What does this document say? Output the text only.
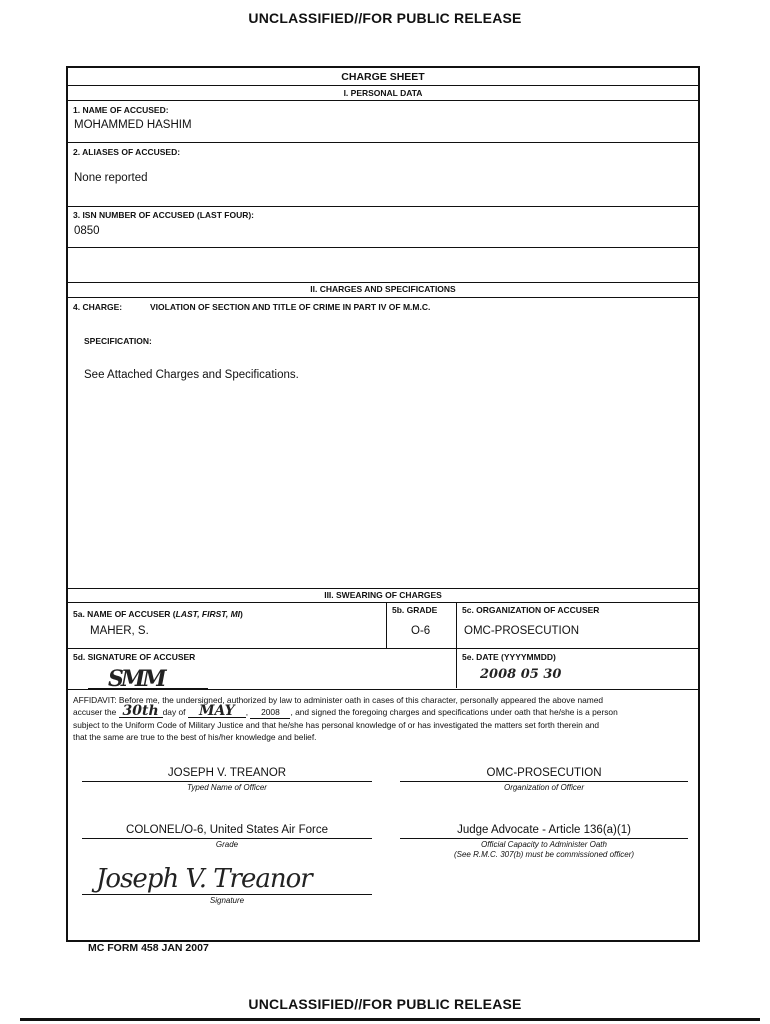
UNCLASSIFIED//FOR PUBLIC RELEASE
CHARGE SHEET
I. PERSONAL DATA
1. NAME OF ACCUSED:
MOHAMMED HASHIM
2. ALIASES OF ACCUSED:
None reported
3. ISN NUMBER OF ACCUSED (LAST FOUR):
0850
II. CHARGES AND SPECIFICATIONS
4. CHARGE:	VIOLATION OF SECTION AND TITLE OF CRIME IN PART IV OF M.M.C.
SPECIFICATION:
See Attached Charges and Specifications.
III. SWEARING OF CHARGES
5a. NAME OF ACCUSER (LAST, FIRST, MI)
MAHER, S.
5b. GRADE
O-6
5c. ORGANIZATION OF ACCUSER
OMC-PROSECUTION
5d. SIGNATURE OF ACCUSER
SMM
5e. DATE (YYYYMMDD)
2008 05 30
AFFIDAVIT: Before me, the undersigned, authorized by law to administer oath in cases of this character, personally appeared the above named
accuser the 30th day of MAY , 2008 , and signed the foregoing charges and specifications under oath that he/she is a person
subject to the Uniform Code of Military Justice and that he/she has personal knowledge of or has investigated the matters set forth therein and
that the same are true to the best of his/her knowledge and belief.
JOSEPH V. TREANOR
Typed Name of Officer
OMC-PROSECUTION
Organization of Officer
COLONEL/O-6, United States Air Force
Grade
Judge Advocate - Article 136(a)(1)
Official Capacity to Administer Oath
(See R.M.C. 307(b) must be commissioned officer)
Joseph V. Treanor
Signature
MC FORM 458 JAN 2007
UNCLASSIFIED//FOR PUBLIC RELEASE
